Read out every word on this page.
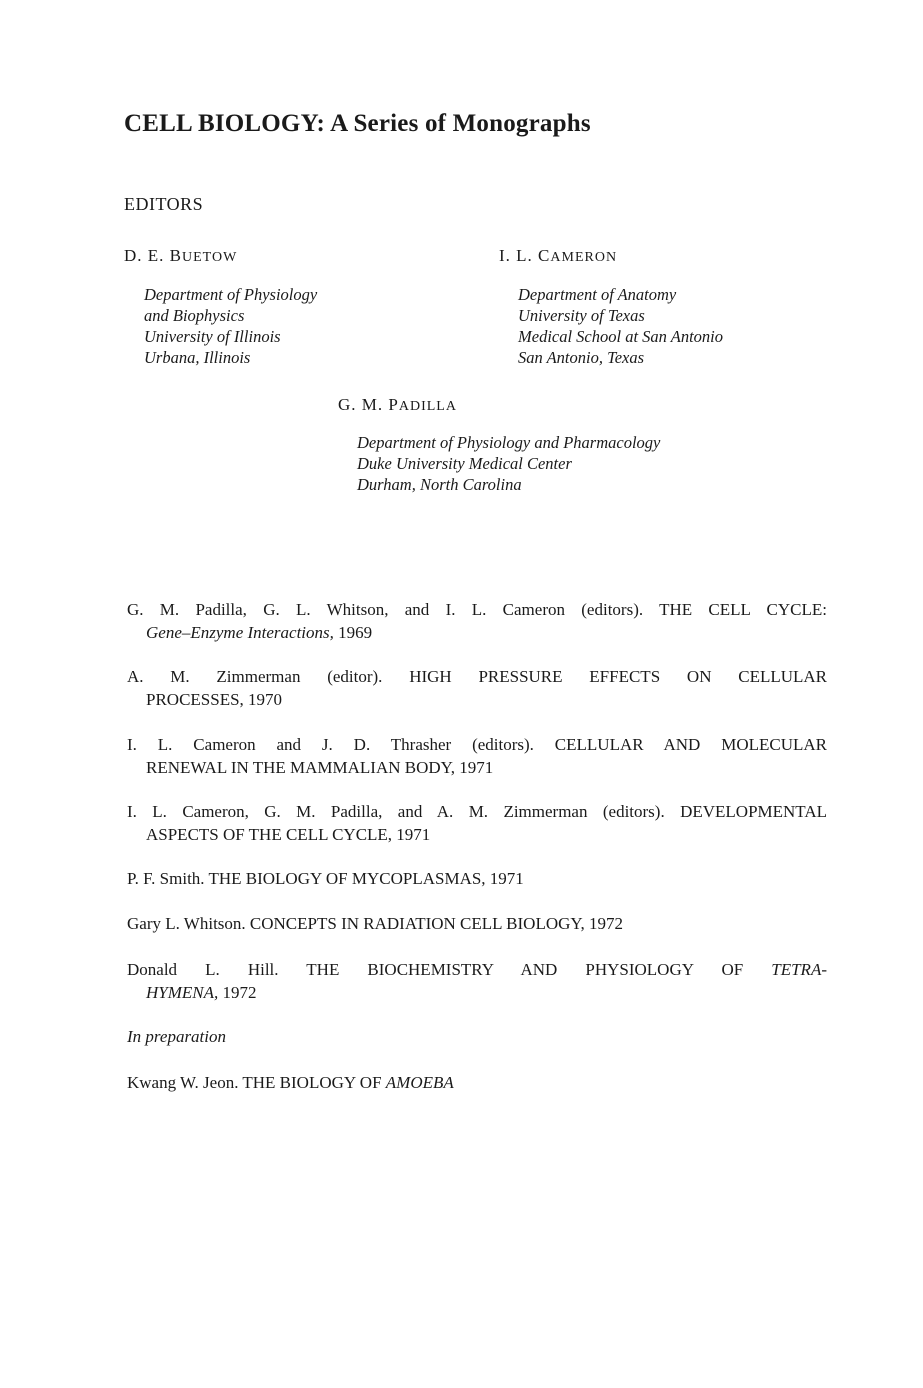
CELL BIOLOGY: A Series of Monographs
EDITORS
D. E. BUETOW
Department of Physiology
and Biophysics
University of Illinois
Urbana, Illinois
I. L. CAMERON
Department of Anatomy
University of Texas
Medical School at San Antonio
San Antonio, Texas
G. M. PADILLA
Department of Physiology and Pharmacology
Duke University Medical Center
Durham, North Carolina
G. M. Padilla, G. L. Whitson, and I. L. Cameron (editors). THE CELL CYCLE:
Gene–Enzyme Interactions, 1969
A. M. Zimmerman (editor). HIGH PRESSURE EFFECTS ON CELLULAR
PROCESSES, 1970
I. L. Cameron and J. D. Thrasher (editors). CELLULAR AND MOLECULAR
RENEWAL IN THE MAMMALIAN BODY, 1971
I. L. Cameron, G. M. Padilla, and A. M. Zimmerman (editors). DEVELOPMENTAL
ASPECTS OF THE CELL CYCLE, 1971
P. F. Smith. THE BIOLOGY OF MYCOPLASMAS, 1971
Gary L. Whitson. CONCEPTS IN RADIATION CELL BIOLOGY, 1972
Donald L. Hill. THE BIOCHEMISTRY AND PHYSIOLOGY OF TETRA-
HYMENA, 1972
In preparation
Kwang W. Jeon. THE BIOLOGY OF AMOEBA
